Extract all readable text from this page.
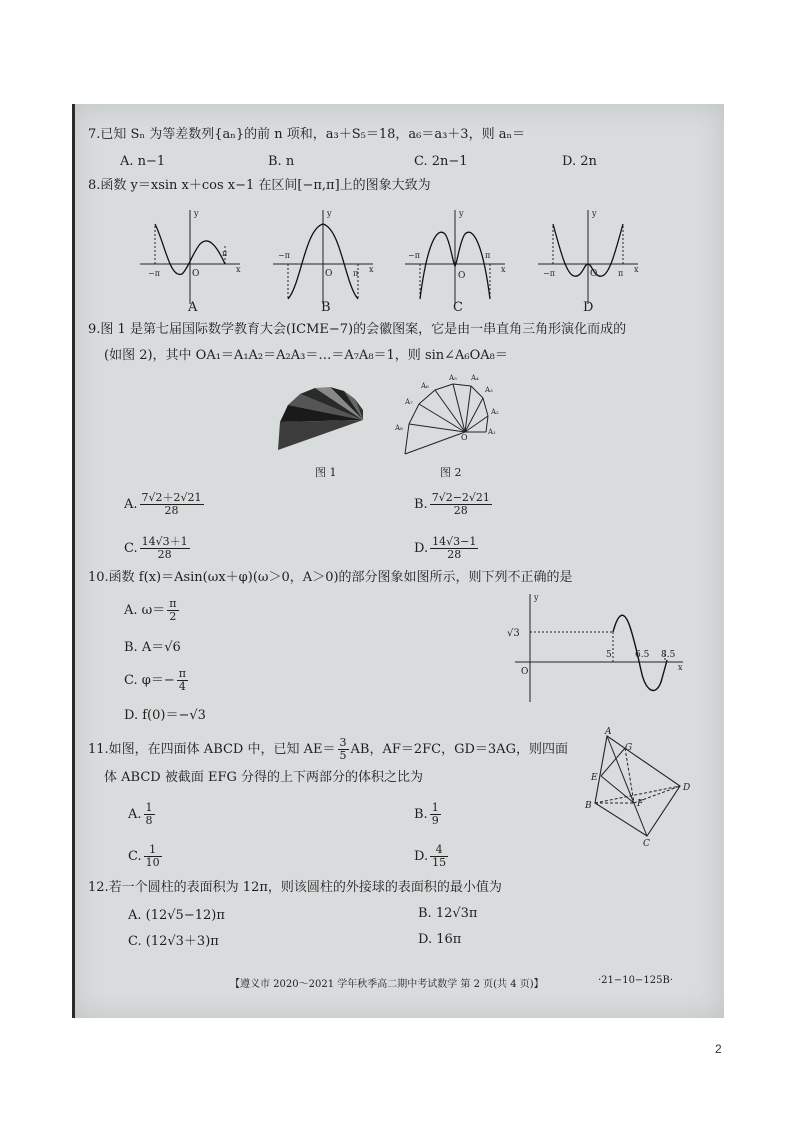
7.已知 Sₙ 为等差数列{aₙ}的前 n 项和，a₃＋S₅＝18，a₆＝a₃＋3，则 aₙ＝
A. n−1	B. n	C. 2n−1	D. 2n
8.函数 y＝xsin x＋cos x−1 在区间[−π,π]上的图象大致为
−π	O
π
x
y
A
−π
O	π x
y
B
−π
O
π
x
y
C
−π	O	π x
y
D
9.图 1 是第七届国际数学教育大会(ICME−7)的会徽图案，它是由一串直角三角形演化而成的
(如图 2)，其中 OA₁＝A₁A₂＝A₂A₃＝…＝A₇A₈＝1，则 sin∠A₆OA₈＝
图 1
O
A₁
A₂
A₃
A₄
A₅
A₆
A₇
A₈
图 2
A. $\frac{7√2+2√21}{28}$	B. $\frac{7√2-2√21}{28}$
C. $\frac{14√3+1}{28}$	D. $\frac{14√3-1}{28}$
10.函数 f(x)＝Asin(ωx＋φ)(ω＞0，A＞0)的部分图象如图所示，则下列不正确的是
A. $\omega= \frac{\pi}{2}$
B. A＝√6
C. $\varphi=- \frac{\pi}{4}$
D. f(0)＝−√3
√3
5	6.5 8.5
x
y
O
11.如图，在四面体 ABCD 中，已知 $AE= \frac{3}{5}$ AB，AF＝2FC，GD＝3AG，则四面
体 ABCD 被截面 EFG 分得的上下两部分的体积之比为
A. $\frac{1}{8}$	B. $\frac{1}{9}$
C. $\frac{1}{10}$	D. $\frac{4}{15}$
A
G
E
D
B	F
C
12.若一个圆柱的表面积为 12π，则该圆柱的外接球的表面积的最小值为
A. (12√5−12)π	B. 12√3π
C. (12√3＋3)π	D. 16π
【遵义市 2020～2021 学年秋季高二期中考试数学 第 2 页(共 4 页)】	·21−10−125B·
2
